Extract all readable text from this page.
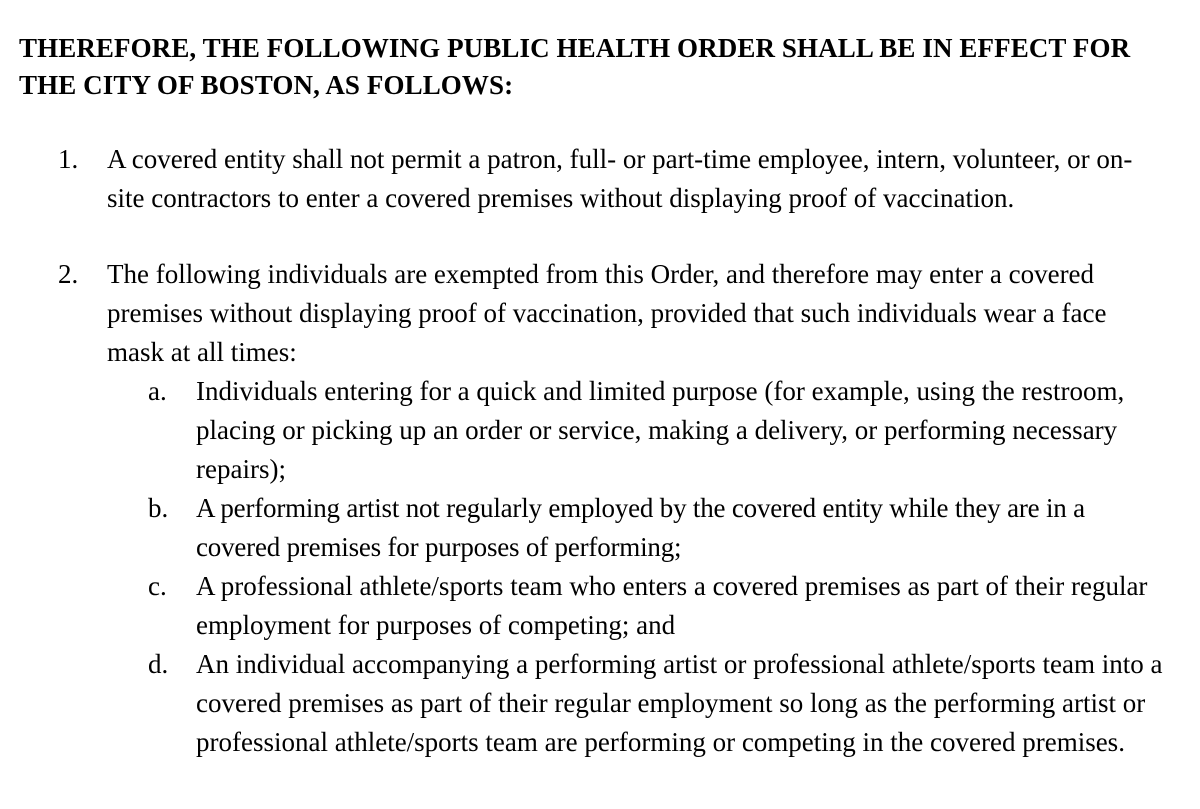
THEREFORE, THE FOLLOWING PUBLIC HEALTH ORDER SHALL BE IN EFFECT FOR THE CITY OF BOSTON, AS FOLLOWS:

1. A covered entity shall not permit a patron, full- or part-time employee, intern, volunteer, or on-site contractors to enter a covered premises without displaying proof of vaccination.

2. The following individuals are exempted from this Order, and therefore may enter a covered premises without displaying proof of vaccination, provided that such individuals wear a face mask at all times:

a. Individuals entering for a quick and limited purpose (for example, using the restroom, placing or picking up an order or service, making a delivery, or performing necessary repairs);

b. A performing artist not regularly employed by the covered entity while they are in a covered premises for purposes of performing;

c. A professional athlete/sports team who enters a covered premises as part of their regular employment for purposes of competing; and

d. An individual accompanying a performing artist or professional athlete/sports team into a covered premises as part of their regular employment so long as the performing artist or professional athlete/sports team are performing or competing in the covered premises.
